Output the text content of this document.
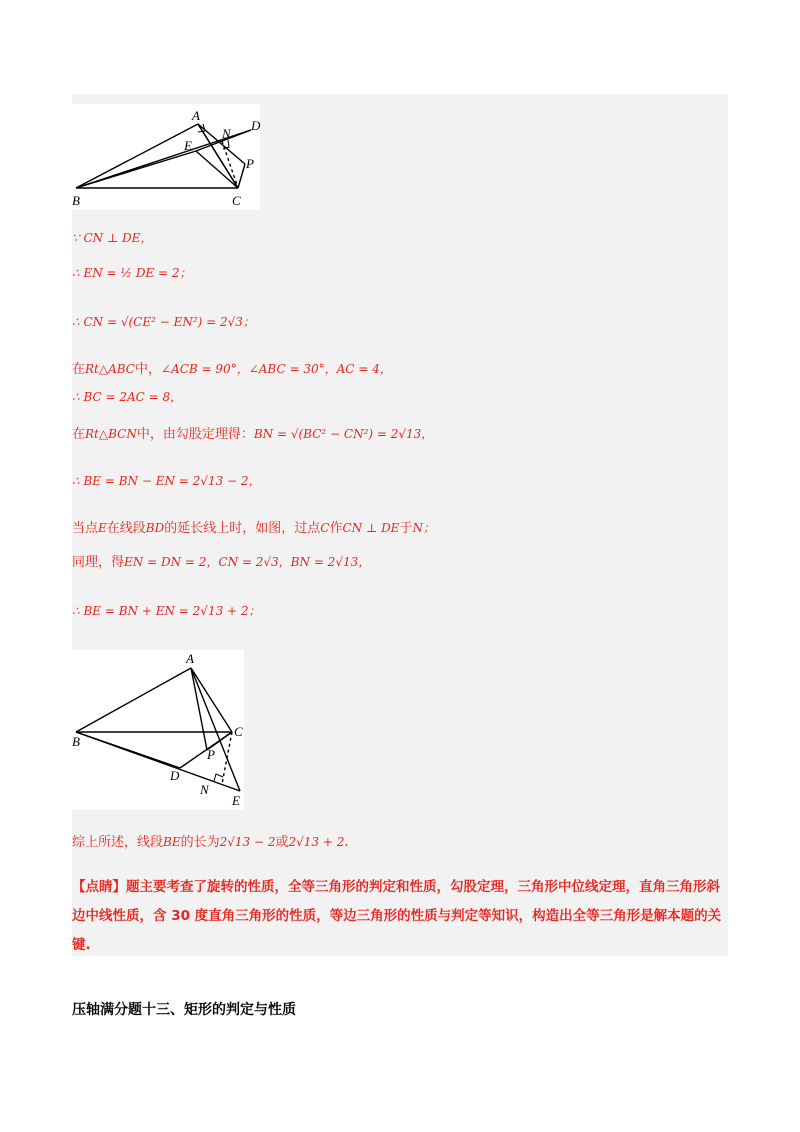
A
B	C
D
E
N
P
∵ CN ⊥ DE，
∴ EN = ½ DE = 2；
∴ CN = √(CE² − EN²) = 2√3；
在Rt△ABC中，∠ACB = 90°，∠ABC = 30°，AC = 4，
∴ BC = 2AC = 8，
在Rt△BCN中，由勾股定理得：BN = √(BC² − CN²) = 2√13，
∴ BE = BN − EN = 2√13 − 2，
当点E在线段BD的延长线上时，如图，过点C作CN ⊥ DE于N；
同理，得EN = DN = 2，CN = 2√3，BN = 2√13，
∴ BE = BN + EN = 2√13 + 2；
A
B
C
D
E
N
P
综上所述，线段BE的长为2√13 − 2或2√13 + 2.
【点睛】题主要考查了旋转的性质，全等三角形的判定和性质，勾股定理，三角形中位线定理，直角三角形斜边中线性质，含 30 度直角三角形的性质，等边三角形的性质与判定等知识，构造出全等三角形是解本题的关键.
压轴满分题十三、矩形的判定与性质
